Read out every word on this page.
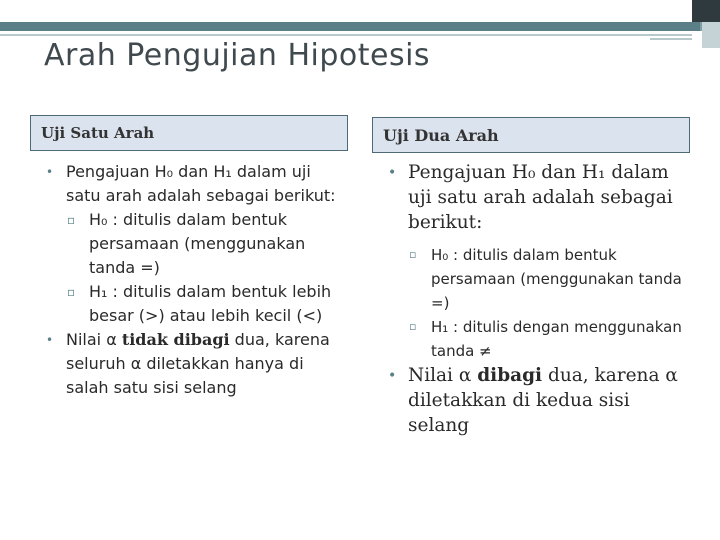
Arah Pengujian Hipotesis
Uji Satu Arah	Uji Dua Arah

• Pengajuan H₀ dan H₁ dalam uji satu arah adalah sebagai berikut:

▫ H₀ : ditulis dalam bentuk persamaan (menggunakan tanda =)

▫ H₁ : ditulis dalam bentuk lebih besar (>) atau lebih kecil (<)

• Nilai α tidak dibagi dua, karena seluruh α diletakkan hanya di salah satu sisi selang

• Pengajuan H₀ dan H₁ dalam uji satu arah adalah sebagai berikut:

▫ H₀ : ditulis dalam bentuk persamaan (menggunakan tanda =)

▫ H₁ : ditulis dengan menggunakan tanda ≠

• Nilai α dibagi dua, karena α diletakkan di kedua sisi selang
